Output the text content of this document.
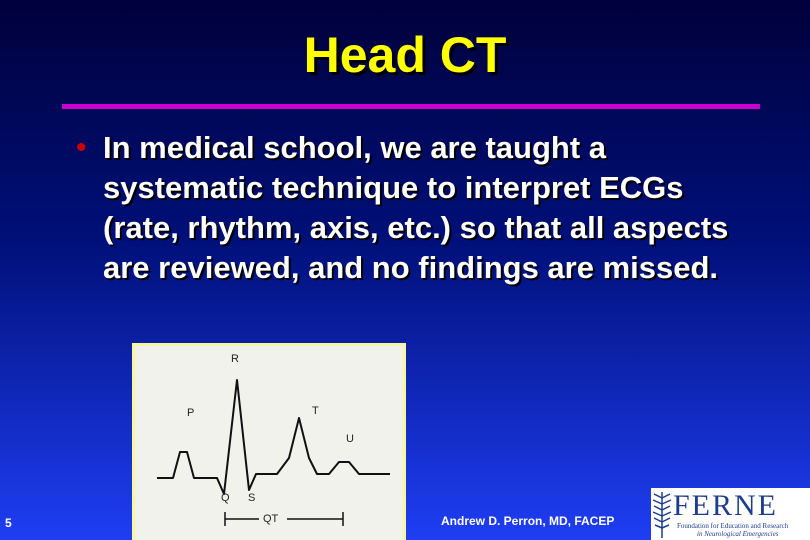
Head CT
• In medical school, we are taught a systematic technique to interpret ECGs (rate, rhythm, axis, etc.) so that all aspects are reviewed, and no findings are missed.
R
P	T
U
Q S
QT
5	Andrew D. Perron, MD, FACEP FERNE
Foundation for Education and Research
in Neurological Emergencies
